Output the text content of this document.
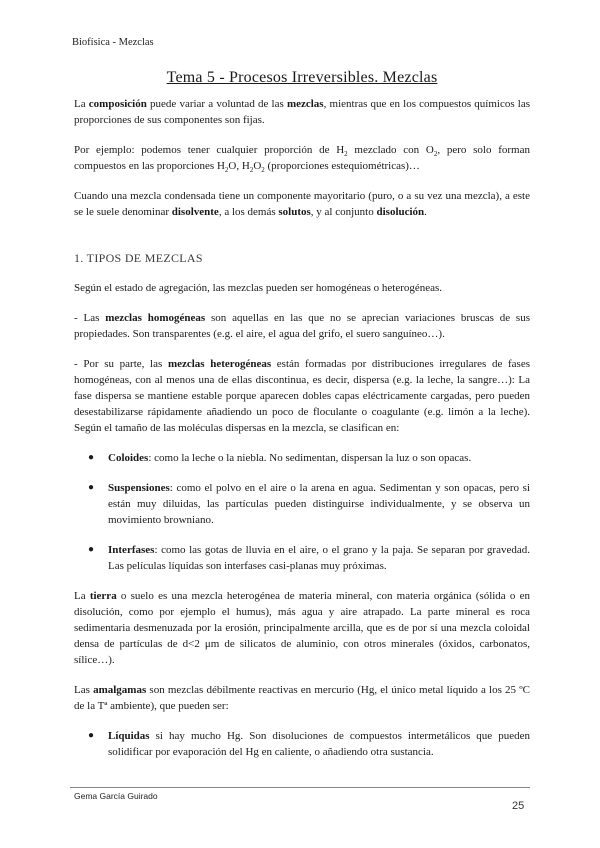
Biofísica - Mezclas
Tema 5 - Procesos Irreversibles. Mezclas

La composición puede variar a voluntad de las mezclas, mientras que en los compuestos químicos las proporciones de sus componentes son fijas.

Por ejemplo: podemos tener cualquier proporción de $H_2$ mezclado con $O_2$, pero solo forman compuestos en las proporciones $H_2O$, $H_2O_2$ (proporciones estequiométricas)…

Cuando una mezcla condensada tiene un componente mayoritario (puro, o a su vez una mezcla), a este se le suele denominar disolvente, a los demás solutos, y al conjunto disolución.

1. TIPOS DE MEZCLAS

Según el estado de agregación, las mezclas pueden ser homogéneas o heterogéneas.

- Las mezclas homogéneas son aquellas en las que no se aprecian variaciones bruscas de sus propiedades. Son transparentes (e.g. el aire, el agua del grifo, el suero sanguíneo…).

- Por su parte, las mezclas heterogéneas están formadas por distribuciones irregulares de fases homogéneas, con al menos una de ellas discontinua, es decir, dispersa (e.g. la leche, la sangre…): La fase dispersa se mantiene estable porque aparecen dobles capas eléctricamente cargadas, pero pueden desestabilizarse rápidamente añadiendo un poco de floculante o coagulante (e.g. limón a la leche). Según el tamaño de las moléculas dispersas en la mezcla, se clasifican en:

● Coloides: como la leche o la niebla. No sedimentan, dispersan la luz o son opacas.
● Suspensiones: como el polvo en el aire o la arena en agua. Sedimentan y son opacas, pero si están muy diluidas, las partículas pueden distinguirse individualmente, y se observa un movimiento browniano.
● Interfases: como las gotas de lluvia en el aire, o el grano y la paja. Se separan por gravedad. Las películas líquidas son interfases casi-planas muy próximas.

La tierra o suelo es una mezcla heterogénea de materia mineral, con materia orgánica (sólida o en disolución, como por ejemplo el humus), más agua y aire atrapado. La parte mineral es roca sedimentaria desmenuzada por la erosión, principalmente arcilla, que es de por sí una mezcla coloidal densa de partículas de d<2 μm de silicatos de aluminio, con otros minerales (óxidos, carbonatos, sílice…).

Las amalgamas son mezclas débilmente reactivas en mercurio (Hg, el único metal líquido a los 25 ºC de la Tª ambiente), que pueden ser:

● Líquidas si hay mucho Hg. Son disoluciones de compuestos intermetálicos que pueden solidificar por evaporación del Hg en caliente, o añadiendo otra sustancia.
Gema García Guirado
25
